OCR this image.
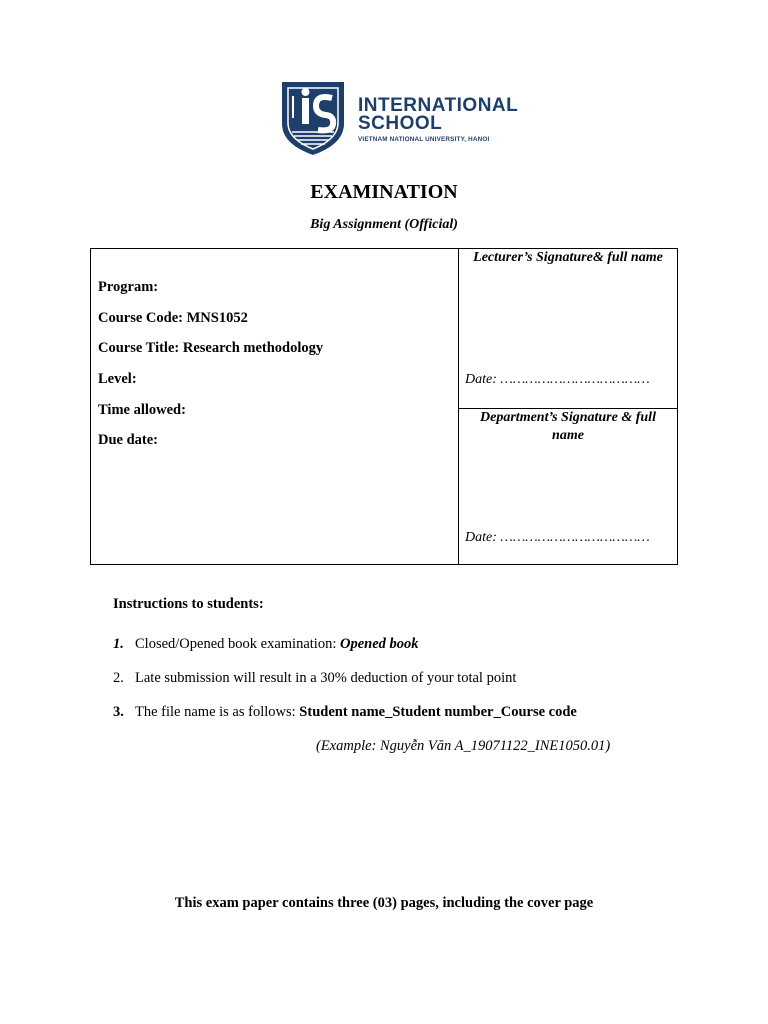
INTERNATIONAL
SCHOOL
VIETNAM NATIONAL UNIVERSITY, HANOI
EXAMINATION
Big Assignment (Official)
Program:
Course Code: MNS1052
Course Title: Research methodology
Level:
Time allowed:
Due date:
Lecturer’s Signature& full name
Date: ………………………………
Department’s Signature & full name
Date: ………………………………
Instructions to students:
1. Closed/Opened book examination: Opened book
2. Late submission will result in a 30% deduction of your total point
3. The file name is as follows: Student name_Student number_Course code
(Example: Nguyễn Văn A_19071122_INE1050.01)
This exam paper contains three (03) pages, including the cover page
